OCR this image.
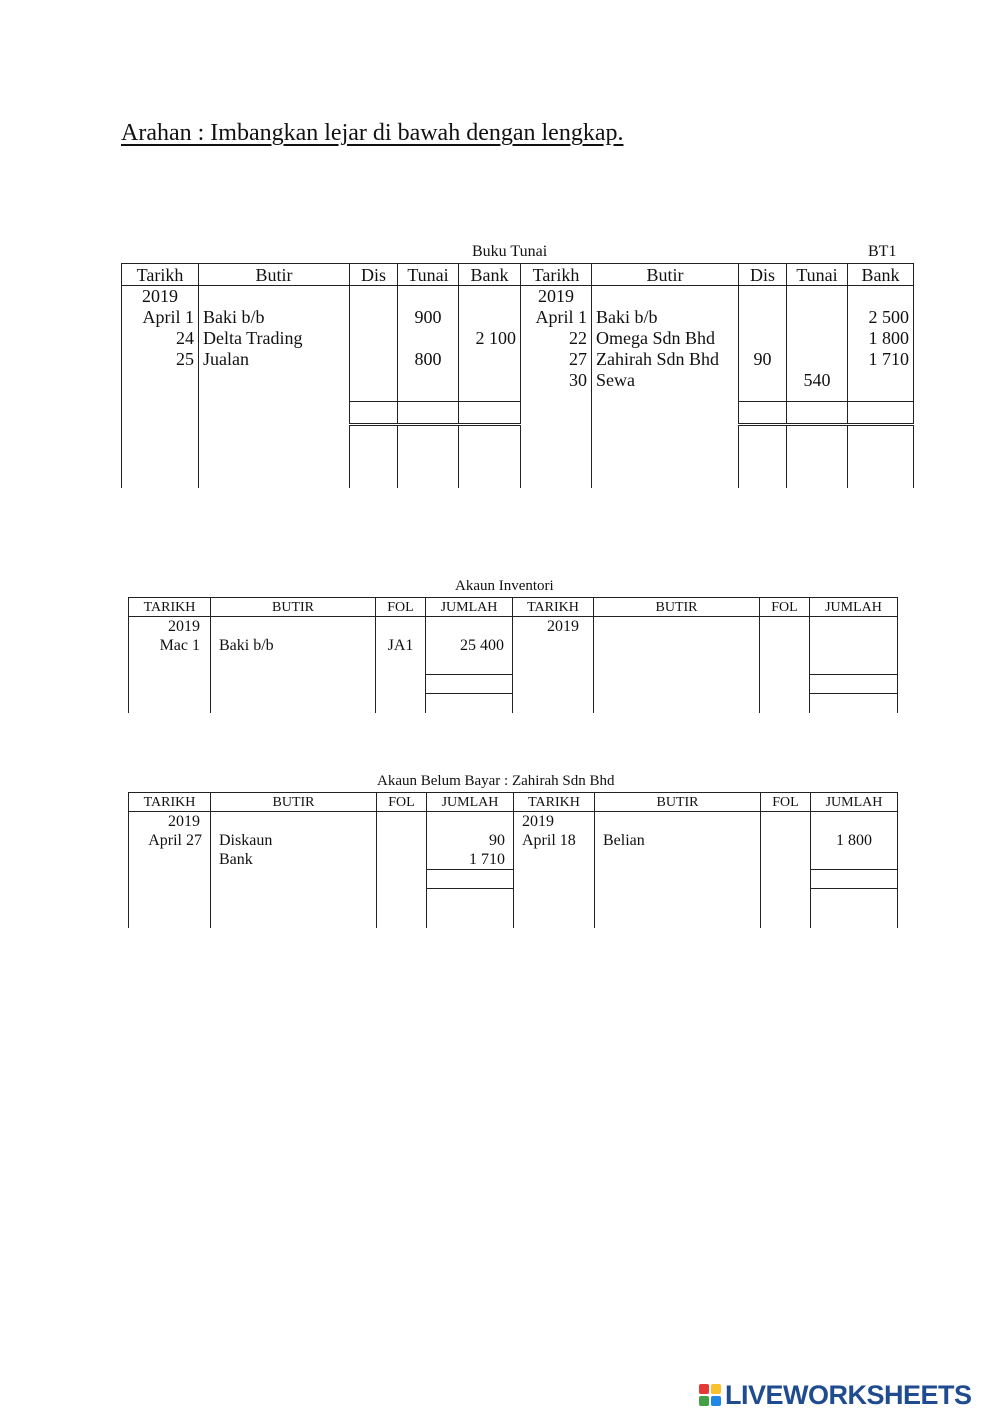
Arahan : Imbangkan lejar di bawah dengan lengkap.
Buku Tunai	BT1
Tarikh	Butir	Dis	Tunai	Bank	Tarikh	Butir	Dis	Tunai	Bank
2019					2019				
April 1	Baki b/b		900		April 1	Baki b/b			2 500
24	Delta Trading			2 100	22	Omega Sdn Bhd			1 800
25	Jualan		800		27	Zahirah Sdn Bhd	90		1 710
					30	Sewa		540	

Akaun Inventori
TARIKH	BUTIR	FOL	JUMLAH	TARIKH	BUTIR	FOL	JUMLAH
2019				2019			
Mac 1	Baki b/b	JA1	25 400				

Akaun Belum Bayar : Zahirah Sdn Bhd
TARIKH	BUTIR	FOL	JUMLAH	TARIKH	BUTIR	FOL	JUMLAH
2019				2019			
April 27	Diskaun		90	April 18	Belian		1 800
	Bank		1 710				

LIVEWORKSHEETS
